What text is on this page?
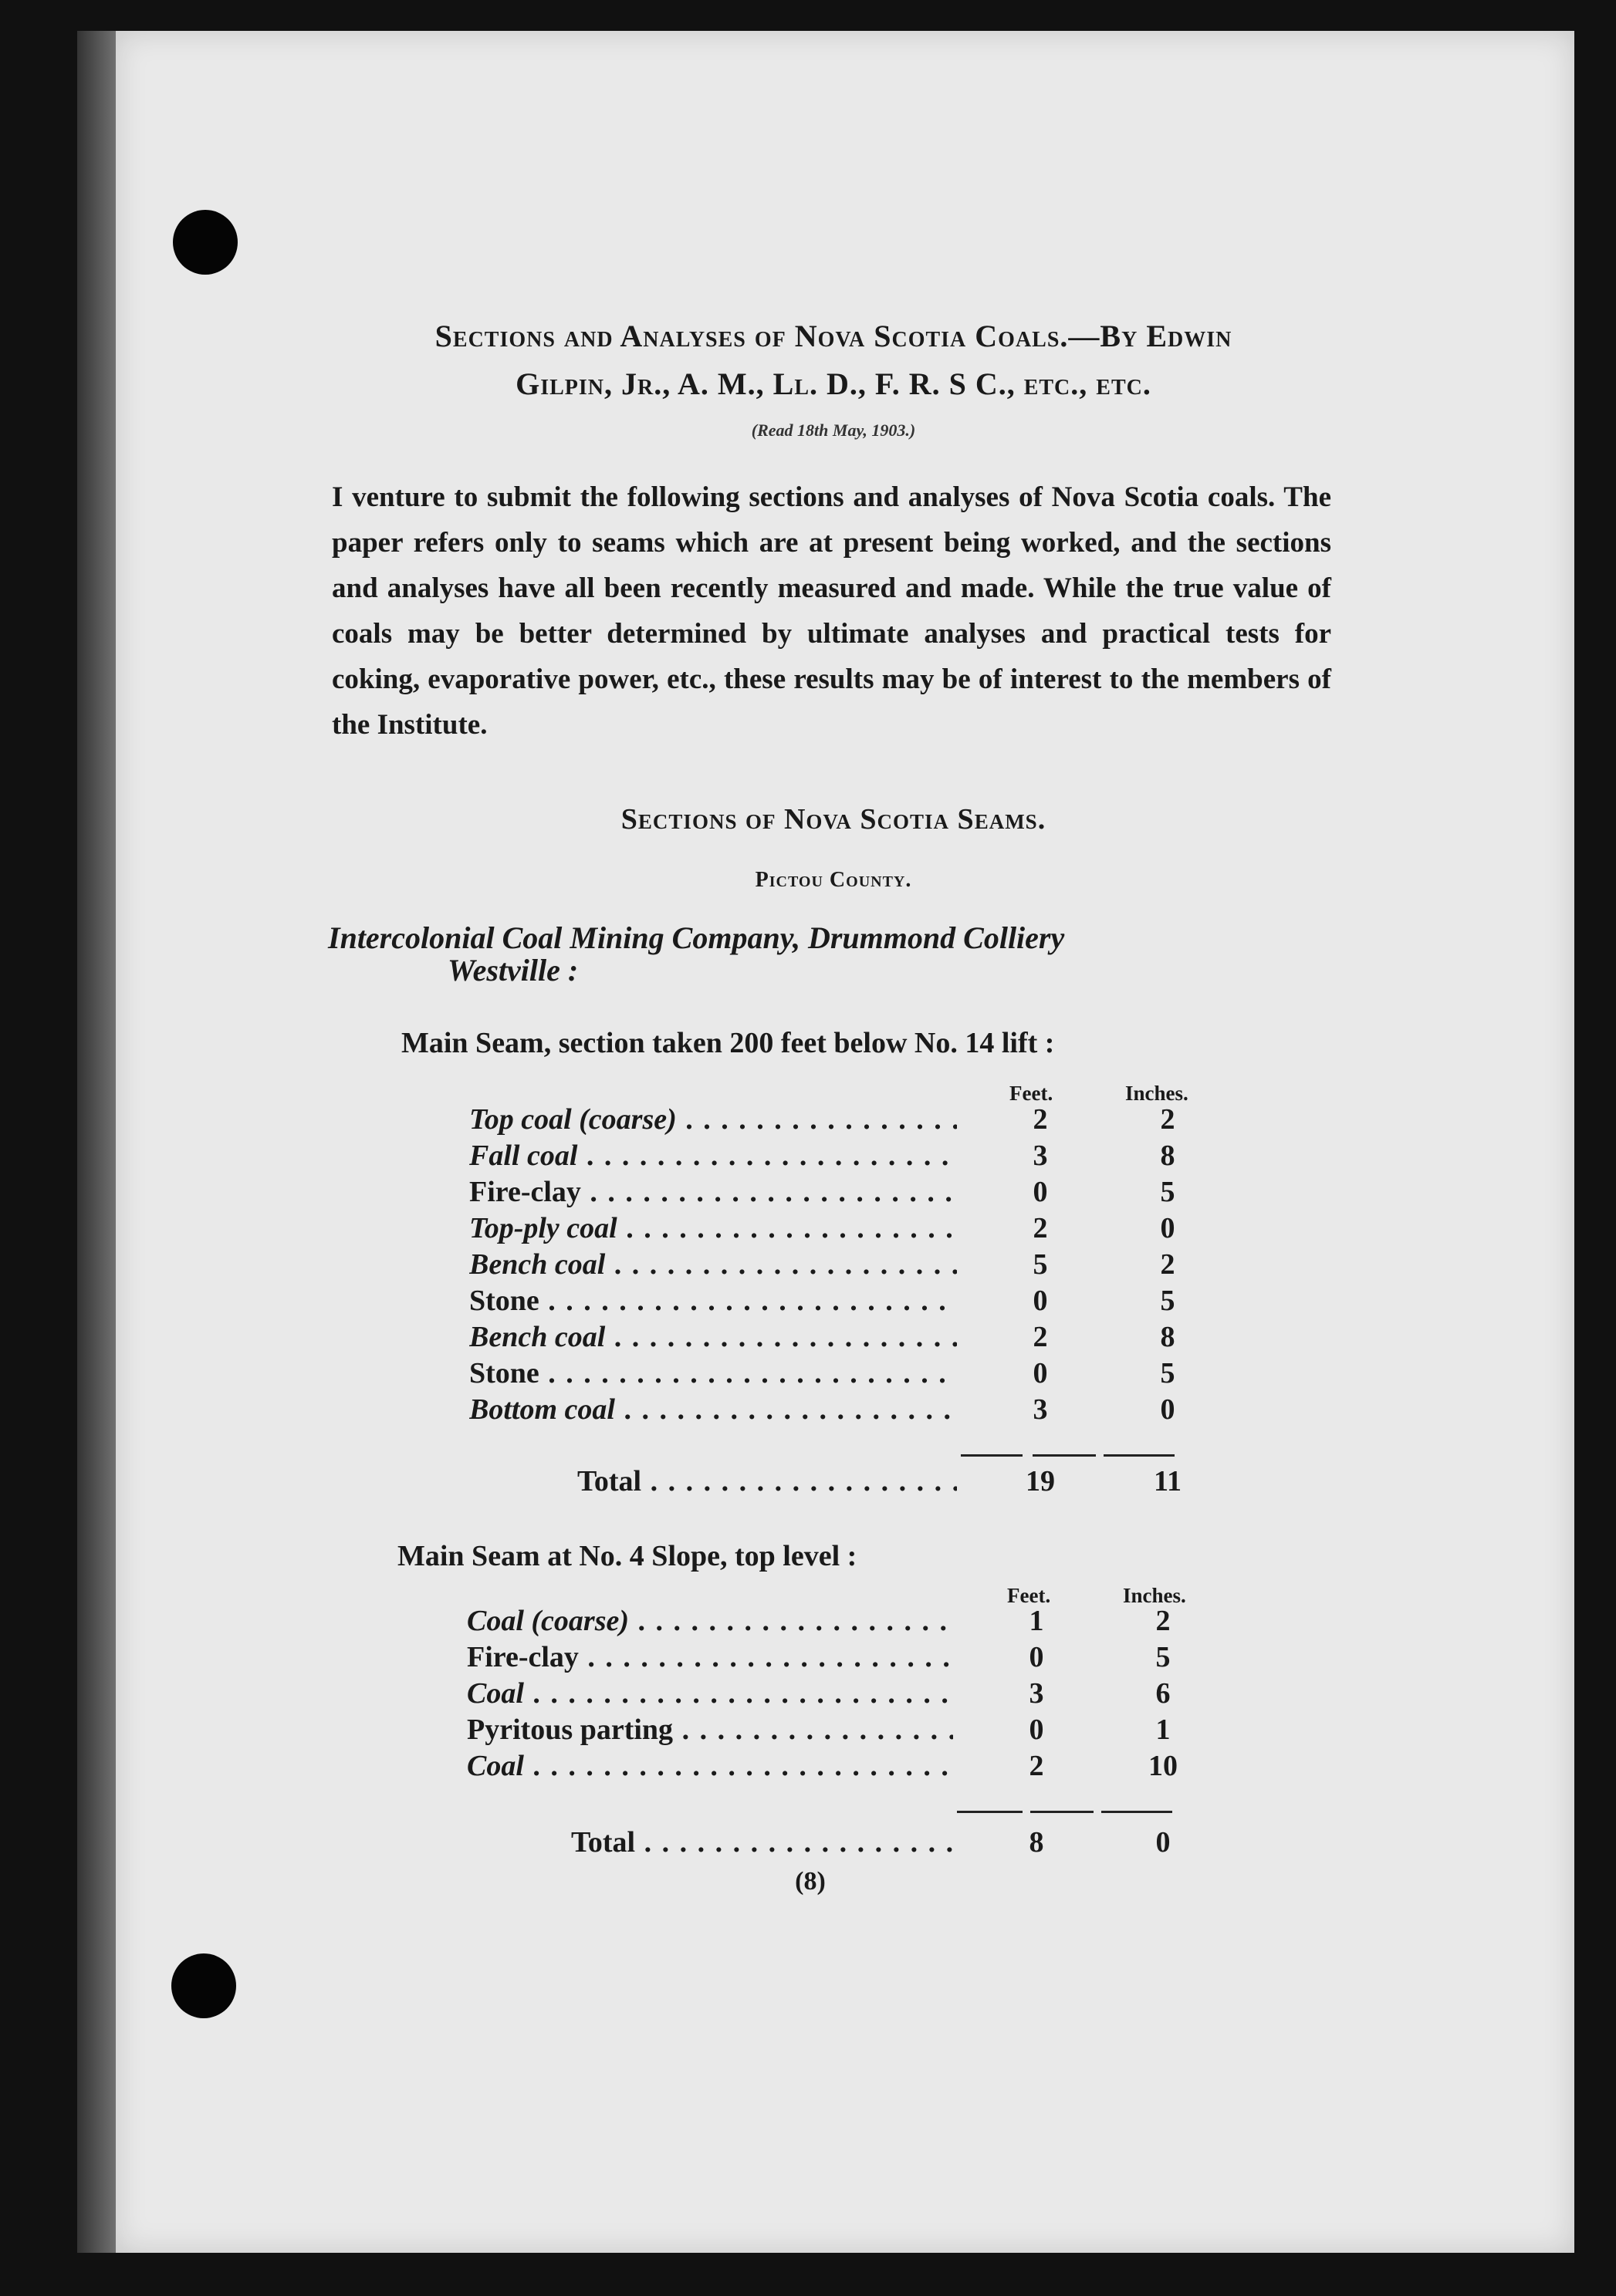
Sections and Analyses of Nova Scotia Coals.—By Edwin
Gilpin, Jr., A. M., Ll. D., F. R. S C., etc., etc.
(Read 18th May, 1903.)
I venture to submit the following sections and analyses of Nova Scotia coals. The paper refers only to seams which are at present being worked, and the sections and analyses have all been recently measured and made. While the true value of coals may be better determined by ultimate analyses and practical tests for coking, evaporative power, etc., these results may be of interest to the members of the Institute.
Sections of Nova Scotia Seams.
Pictou County.
Intercolonial Coal Mining Company, Drummond Colliery
Westville :
Main Seam, section taken 200 feet below No. 14 lift :
Feet.	Inches.
Top coal (coarse) . . .	2	2
Fall coal . . .	3	8
Fire-clay . . .	0	5
Top-ply coal . . .	2	0
Bench coal . . .	5	2
Stone . . .	0	5
Bench coal . . .	2	8
Stone . . .	0	5
Bottom coal . . .	3	0
Total . . .	19	11
Main Seam at No. 4 Slope, top level :
Feet.	Inches.
Coal (coarse) . . .	1	2
Fire-clay . . .	0	5
Coal . . .	3	6
Pyritous parting . . .	0	1
Coal . . .	2	10
Total . . .	8	0
(8)
